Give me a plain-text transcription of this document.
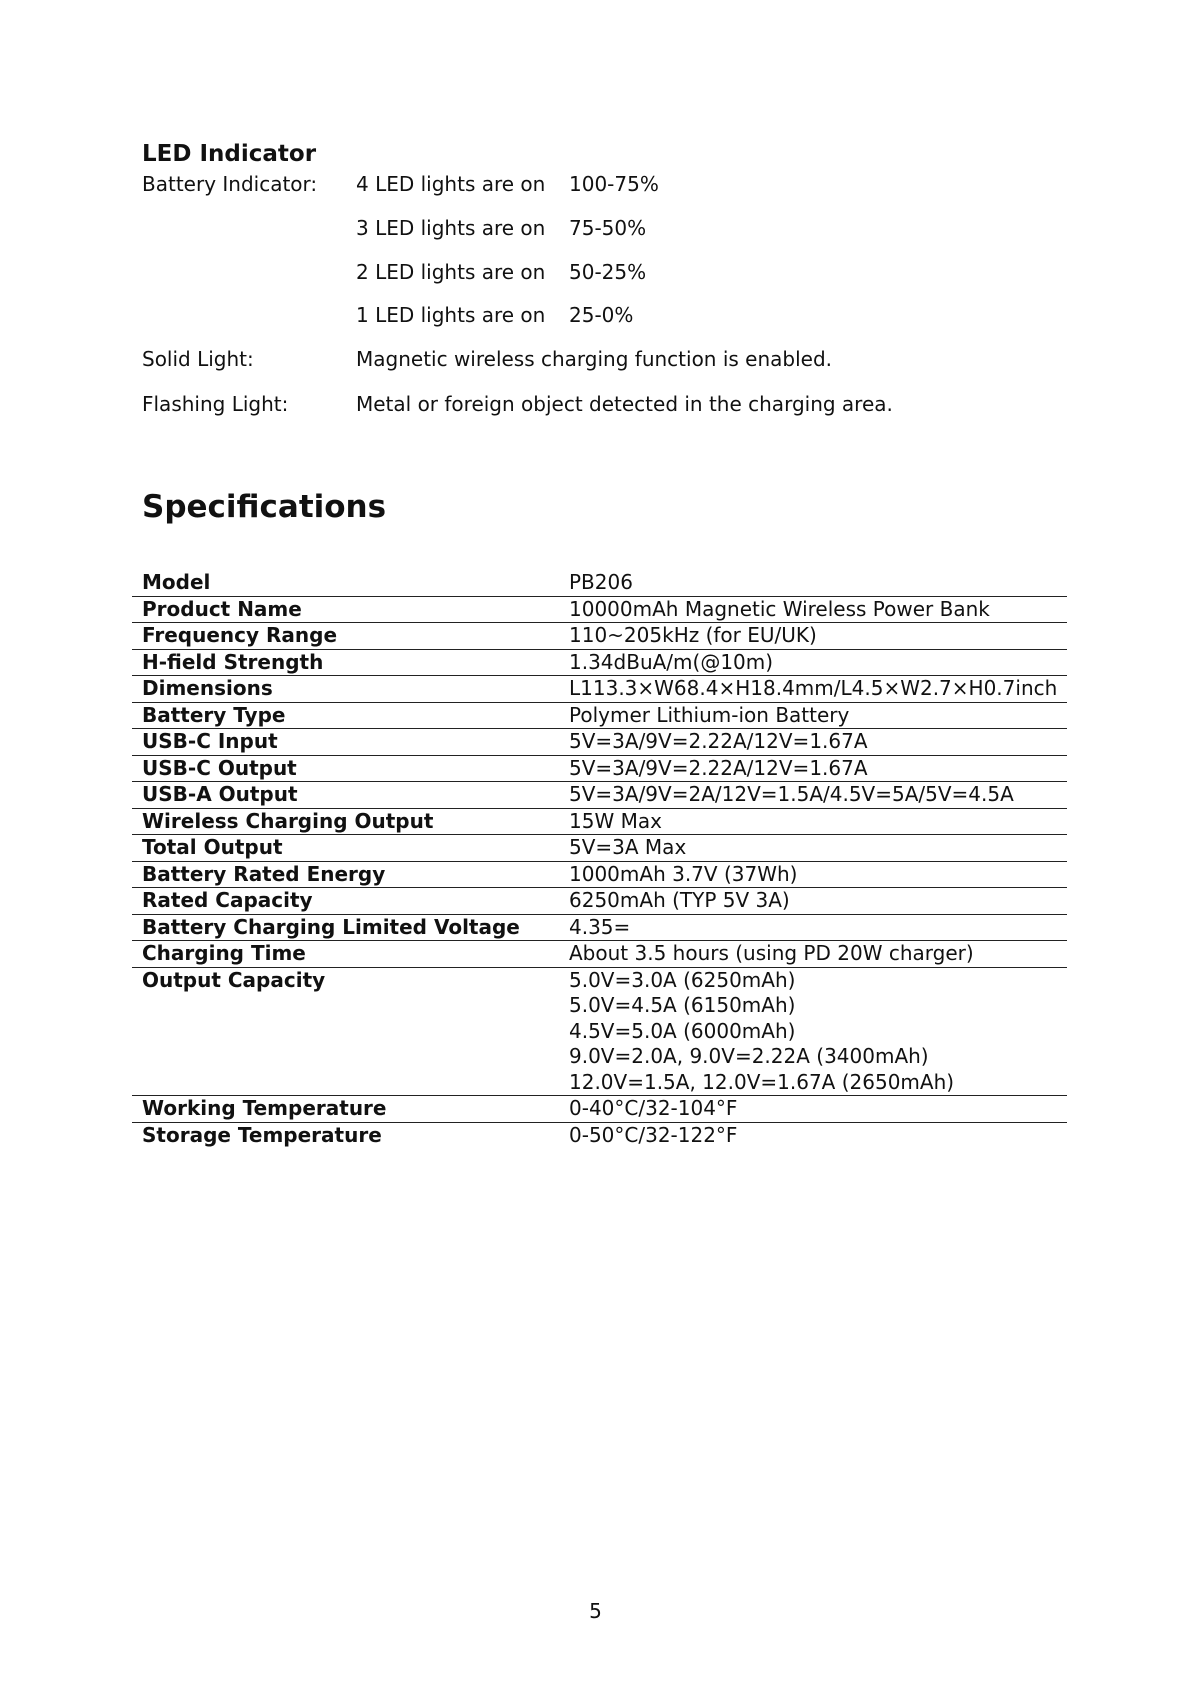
LED Indicator
Battery Indicator: 4 LED lights are on 100-75%
3 LED lights are on 75-50%
2 LED lights are on 50-25%
1 LED lights are on 25-0%
Solid Light:	Magnetic wireless charging function is enabled.
Flashing Light:	Metal or foreign object detected in the charging area.
Specifications
Model	PB206
Product Name	10000mAh Magnetic Wireless Power Bank
Frequency Range	110~205kHz (for EU/UK)
H-field Strength	1.34dBuA/m(@10m)
Dimensions	L113.3×W68.4×H18.4mm/L4.5×W2.7×H0.7inch
Battery Type	Polymer Lithium-ion Battery
USB-C Input	5V=3A/9V=2.22A/12V=1.67A
USB-C Output	5V=3A/9V=2.22A/12V=1.67A
USB-A Output	5V=3A/9V=2A/12V=1.5A/4.5V=5A/5V=4.5A
Wireless Charging Output	15W Max
Total Output	5V=3A Max
Battery Rated Energy	1000mAh 3.7V (37Wh)
Rated Capacity	6250mAh (TYP 5V 3A)
Battery Charging Limited Voltage	4.35=
Charging Time	About 3.5 hours (using PD 20W charger)
Output Capacity	5.0V=3.0A (6250mAh)
5.0V=4.5A (6150mAh)
4.5V=5.0A (6000mAh)
9.0V=2.0A, 9.0V=2.22A (3400mAh)
12.0V=1.5A, 12.0V=1.67A (2650mAh)

Working Temperature	0-40°C/32-104°F
Storage Temperature	0-50°C/32-122°F
5
